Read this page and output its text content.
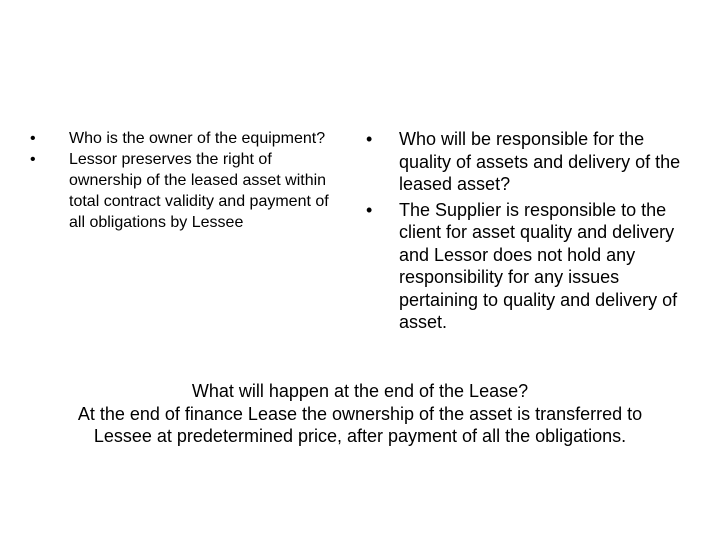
• Who is the owner of the equipment?
• Lessor preserves the right of ownership of the leased asset within total contract validity and payment of all obligations by Lessee
• Who will be responsible for the quality of assets and delivery of the leased asset?
• The Supplier is responsible to the client for asset quality and delivery and Lessor does not hold any responsibility for any issues pertaining to quality and delivery of asset.
What will happen at the end of the Lease?
At the end of finance Lease the ownership of the asset is transferred to
Lessee at predetermined price, after payment of all the obligations.
